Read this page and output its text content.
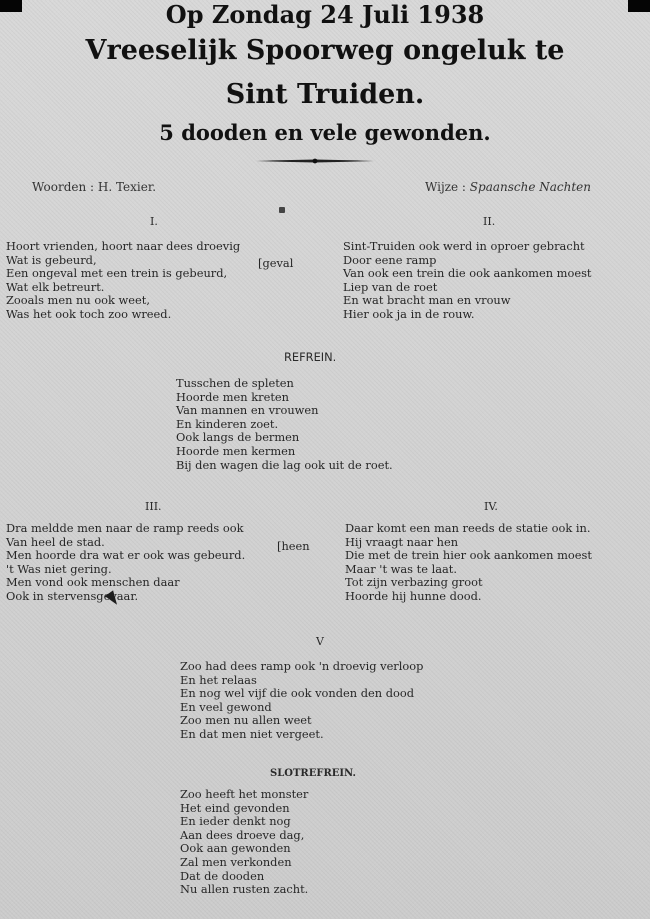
Op Zondag 24 Juli 1938
Vreeselijk Spoorweg ongeluk te
Sint Truiden.
5 dooden en vele gewonden.
Woorden : H. Texier.	Wijze : Spaansche Nachten
I.
Hoort vrienden, hoort naar dees droevig
Wat is gebeurd,
Een ongeval met een trein is gebeurd,
Wat elk betreurt.
Zooals men nu ook weet,
Was het ook toch zoo wreed.
[geval
II.
Sint-Truiden ook werd in oproer gebracht
Door eene ramp
Van ook een trein die ook aankomen moest
Liep van de roet
En wat bracht man en vrouw
Hier ook ja in de rouw.
REFREIN.
Tusschen de spleten
Hoorde men kreten
Van mannen en vrouwen
En kinderen zoet.
Ook langs de bermen
Hoorde men kermen
Bij den wagen die lag ook uit de roet.
III.
Dra meldde men naar de ramp reeds ook
Van heel de stad.
Men hoorde dra wat er ook was gebeurd.
't Was niet gering.
Men vond ook menschen daar
Ook in stervensgevaar.
[heen
IV.
Daar komt een man reeds de statie ook in.
Hij vraagt naar hen
Die met de trein hier ook aankomen moest
Maar 't was te laat.
Tot zijn verbazing groot
Hoorde hij hunne dood.
V
Zoo had dees ramp ook 'n droevig verloop
En het relaas
En nog wel vijf die ook vonden den dood
En veel gewond
Zoo men nu allen weet
En dat men niet vergeet.
SLOTREFREIN.
Zoo heeft het monster
Het eind gevonden
En ieder denkt nog
Aan dees droeve dag,
Ook aan gewonden
Zal men verkonden
Dat de dooden
Nu allen rusten zacht.
